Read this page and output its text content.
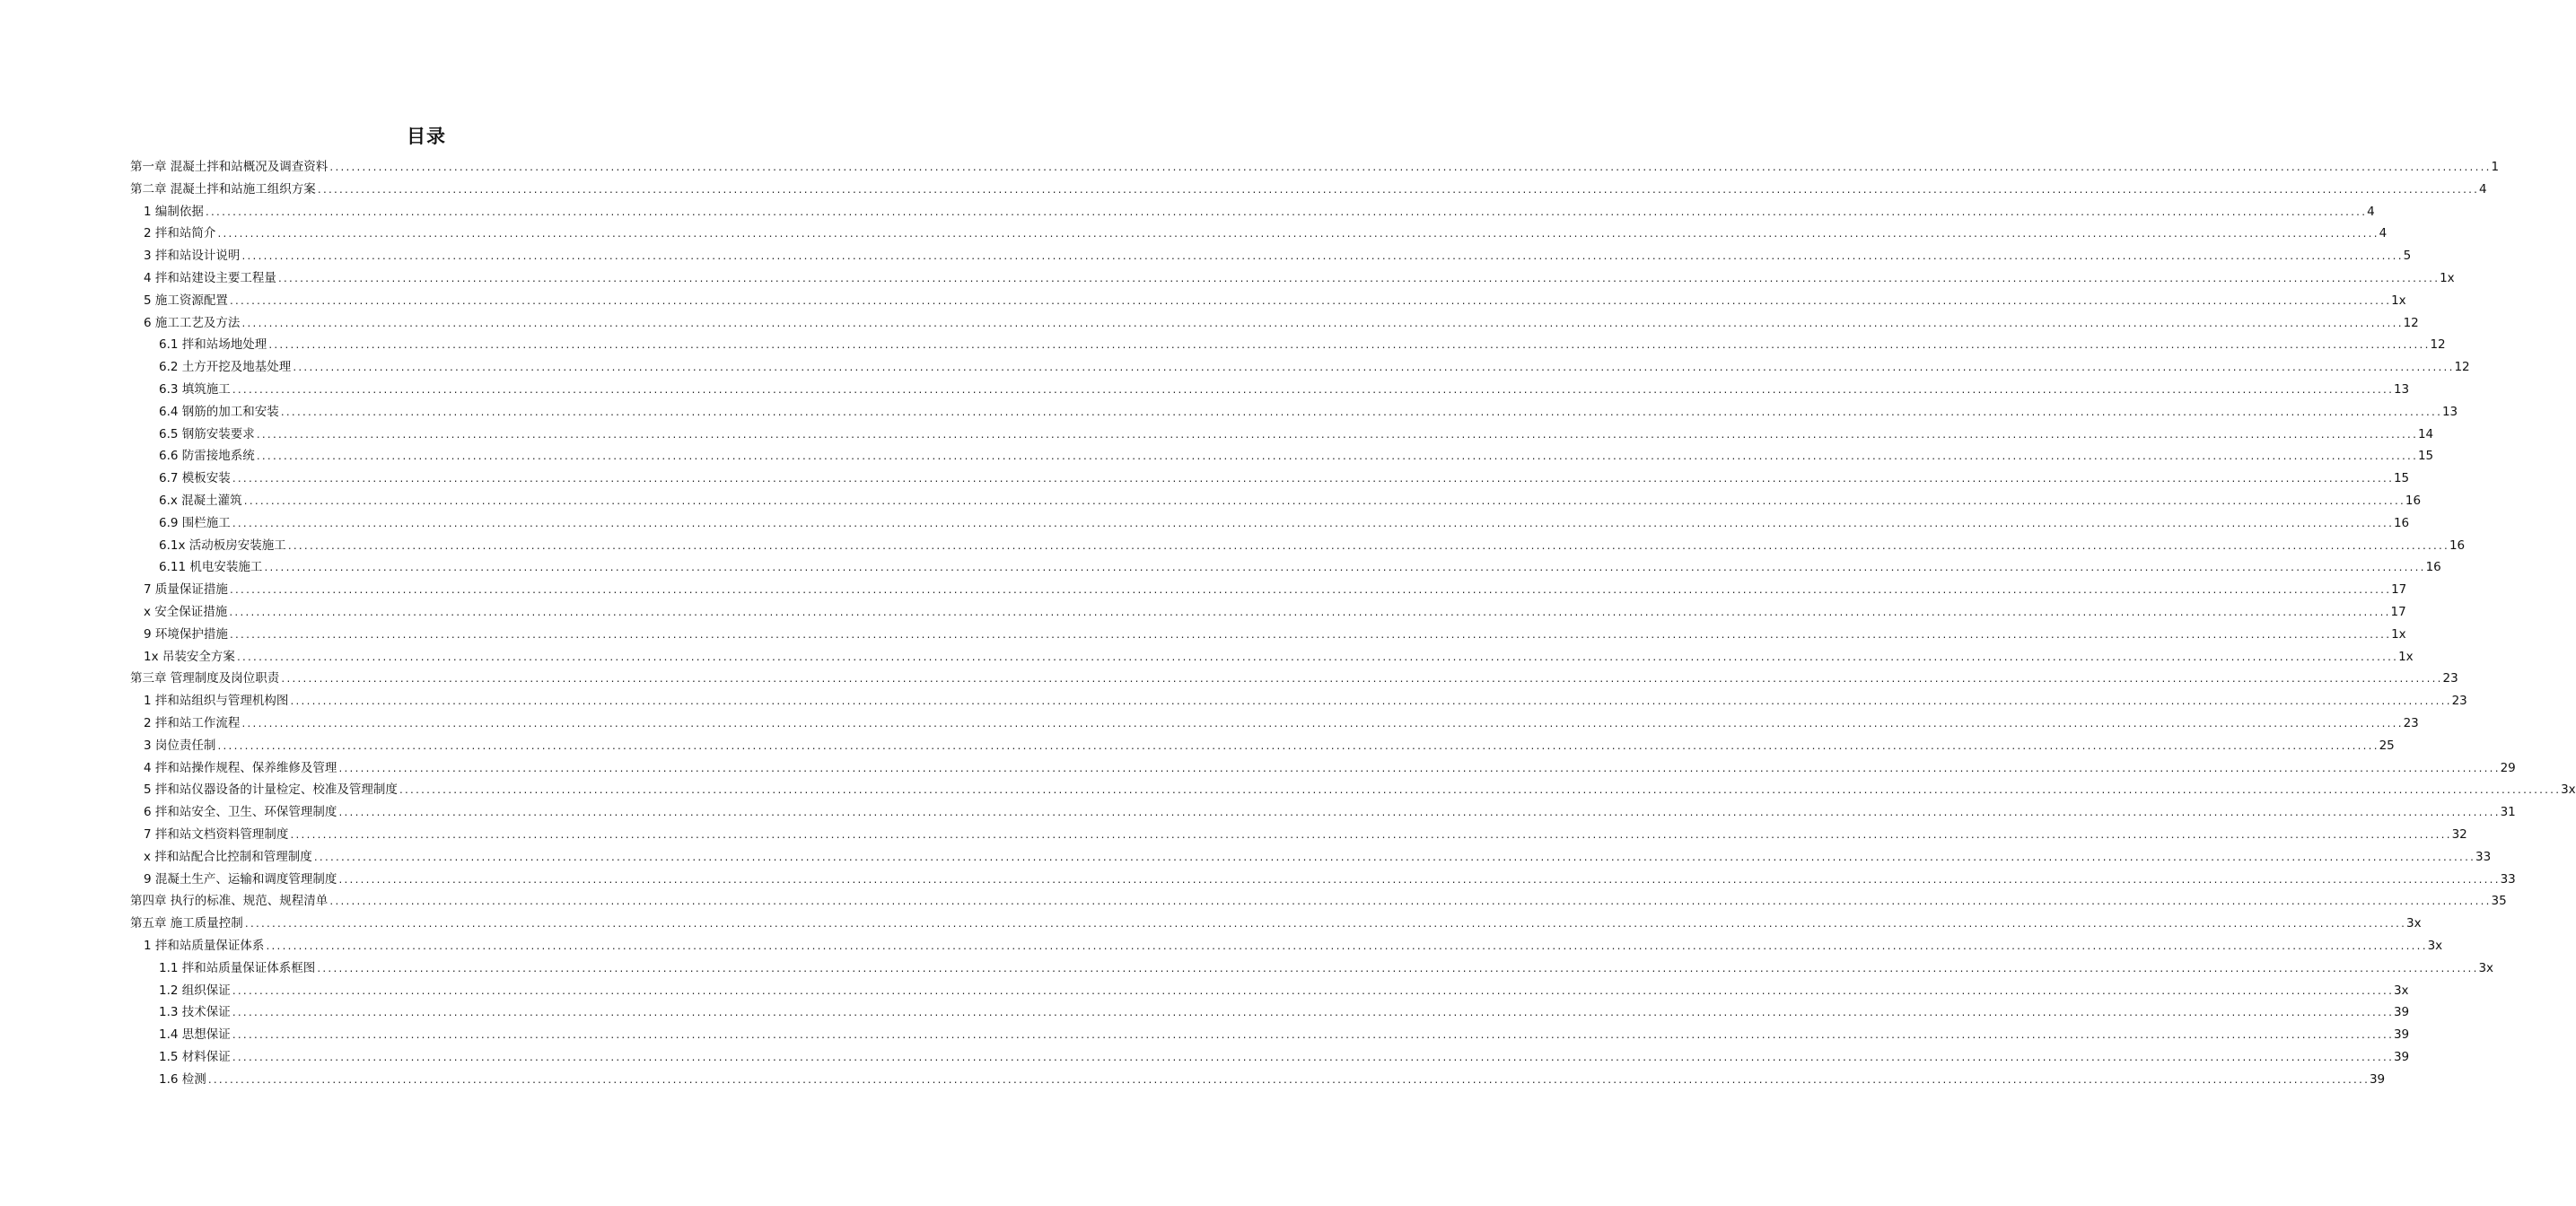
目录
第一章 混凝土拌和站概况及调查资料 ................................................................................................................................................................................................................................................................................................................................................................................................................ 1
第二章 混凝土拌和站施工组织方案 ................................................................................................................................................................................................................................................................................................................................................................................................................ 4
1 编制依据 ................................................................................................................................................................................................................................................................................................................................................................................................................ 4
2 拌和站简介 ................................................................................................................................................................................................................................................................................................................................................................................................................ 4
3 拌和站设计说明 ................................................................................................................................................................................................................................................................................................................................................................................................................ 5
4 拌和站建设主要工程量 ................................................................................................................................................................................................................................................................................................................................................................................................................ 1x
5 施工资源配置 ................................................................................................................................................................................................................................................................................................................................................................................................................ 1x
6 施工工艺及方法 ................................................................................................................................................................................................................................................................................................................................................................................................................ 12
6.1 拌和站场地处理 ................................................................................................................................................................................................................................................................................................................................................................................................................ 12
6.2 土方开挖及地基处理 ................................................................................................................................................................................................................................................................................................................................................................................................................ 12
6.3 填筑施工 ................................................................................................................................................................................................................................................................................................................................................................................................................ 13
6.4 钢筋的加工和安装 ................................................................................................................................................................................................................................................................................................................................................................................................................ 13
6.5 钢筋安装要求 ................................................................................................................................................................................................................................................................................................................................................................................................................ 14
6.6 防雷接地系统 ................................................................................................................................................................................................................................................................................................................................................................................................................ 15
6.7 模板安装 ................................................................................................................................................................................................................................................................................................................................................................................................................ 15
6.x 混凝土灌筑 ................................................................................................................................................................................................................................................................................................................................................................................................................ 16
6.9 围栏施工 ................................................................................................................................................................................................................................................................................................................................................................................................................ 16
6.1x 活动板房安装施工 ................................................................................................................................................................................................................................................................................................................................................................................................................ 16
6.11 机电安装施工 ................................................................................................................................................................................................................................................................................................................................................................................................................ 16
7 质量保证措施 ................................................................................................................................................................................................................................................................................................................................................................................................................ 17
x 安全保证措施 ................................................................................................................................................................................................................................................................................................................................................................................................................ 17
9 环境保护措施 ................................................................................................................................................................................................................................................................................................................................................................................................................ 1x
1x 吊装安全方案 ................................................................................................................................................................................................................................................................................................................................................................................................................ 1x
第三章 管理制度及岗位职责 ................................................................................................................................................................................................................................................................................................................................................................................................................ 23
1 拌和站组织与管理机构图 ................................................................................................................................................................................................................................................................................................................................................................................................................ 23
2 拌和站工作流程 ................................................................................................................................................................................................................................................................................................................................................................................................................ 23
3 岗位责任制 ................................................................................................................................................................................................................................................................................................................................................................................................................ 25
4 拌和站操作规程、保养维修及管理 ................................................................................................................................................................................................................................................................................................................................................................................................................ 29
5 拌和站仪器设备的计量检定、校准及管理制度 ................................................................................................................................................................................................................................................................................................................................................................................................................ 3x
6 拌和站安全、卫生、环保管理制度 ................................................................................................................................................................................................................................................................................................................................................................................................................ 31
7 拌和站文档资料管理制度 ................................................................................................................................................................................................................................................................................................................................................................................................................ 32
x 拌和站配合比控制和管理制度 ................................................................................................................................................................................................................................................................................................................................................................................................................ 33
9 混凝土生产、运输和调度管理制度 ................................................................................................................................................................................................................................................................................................................................................................................................................ 33
第四章 执行的标准、规范、规程清单 ................................................................................................................................................................................................................................................................................................................................................................................................................ 35
第五章 施工质量控制 ................................................................................................................................................................................................................................................................................................................................................................................................................ 3x
1 拌和站质量保证体系 ................................................................................................................................................................................................................................................................................................................................................................................................................ 3x
1.1 拌和站质量保证体系框图 ................................................................................................................................................................................................................................................................................................................................................................................................................ 3x
1.2 组织保证 ................................................................................................................................................................................................................................................................................................................................................................................................................ 3x
1.3 技术保证 ................................................................................................................................................................................................................................................................................................................................................................................................................ 39
1.4 思想保证 ................................................................................................................................................................................................................................................................................................................................................................................................................ 39
1.5 材料保证 ................................................................................................................................................................................................................................................................................................................................................................................................................ 39
1.6 检测 ................................................................................................................................................................................................................................................................................................................................................................................................................ 39
